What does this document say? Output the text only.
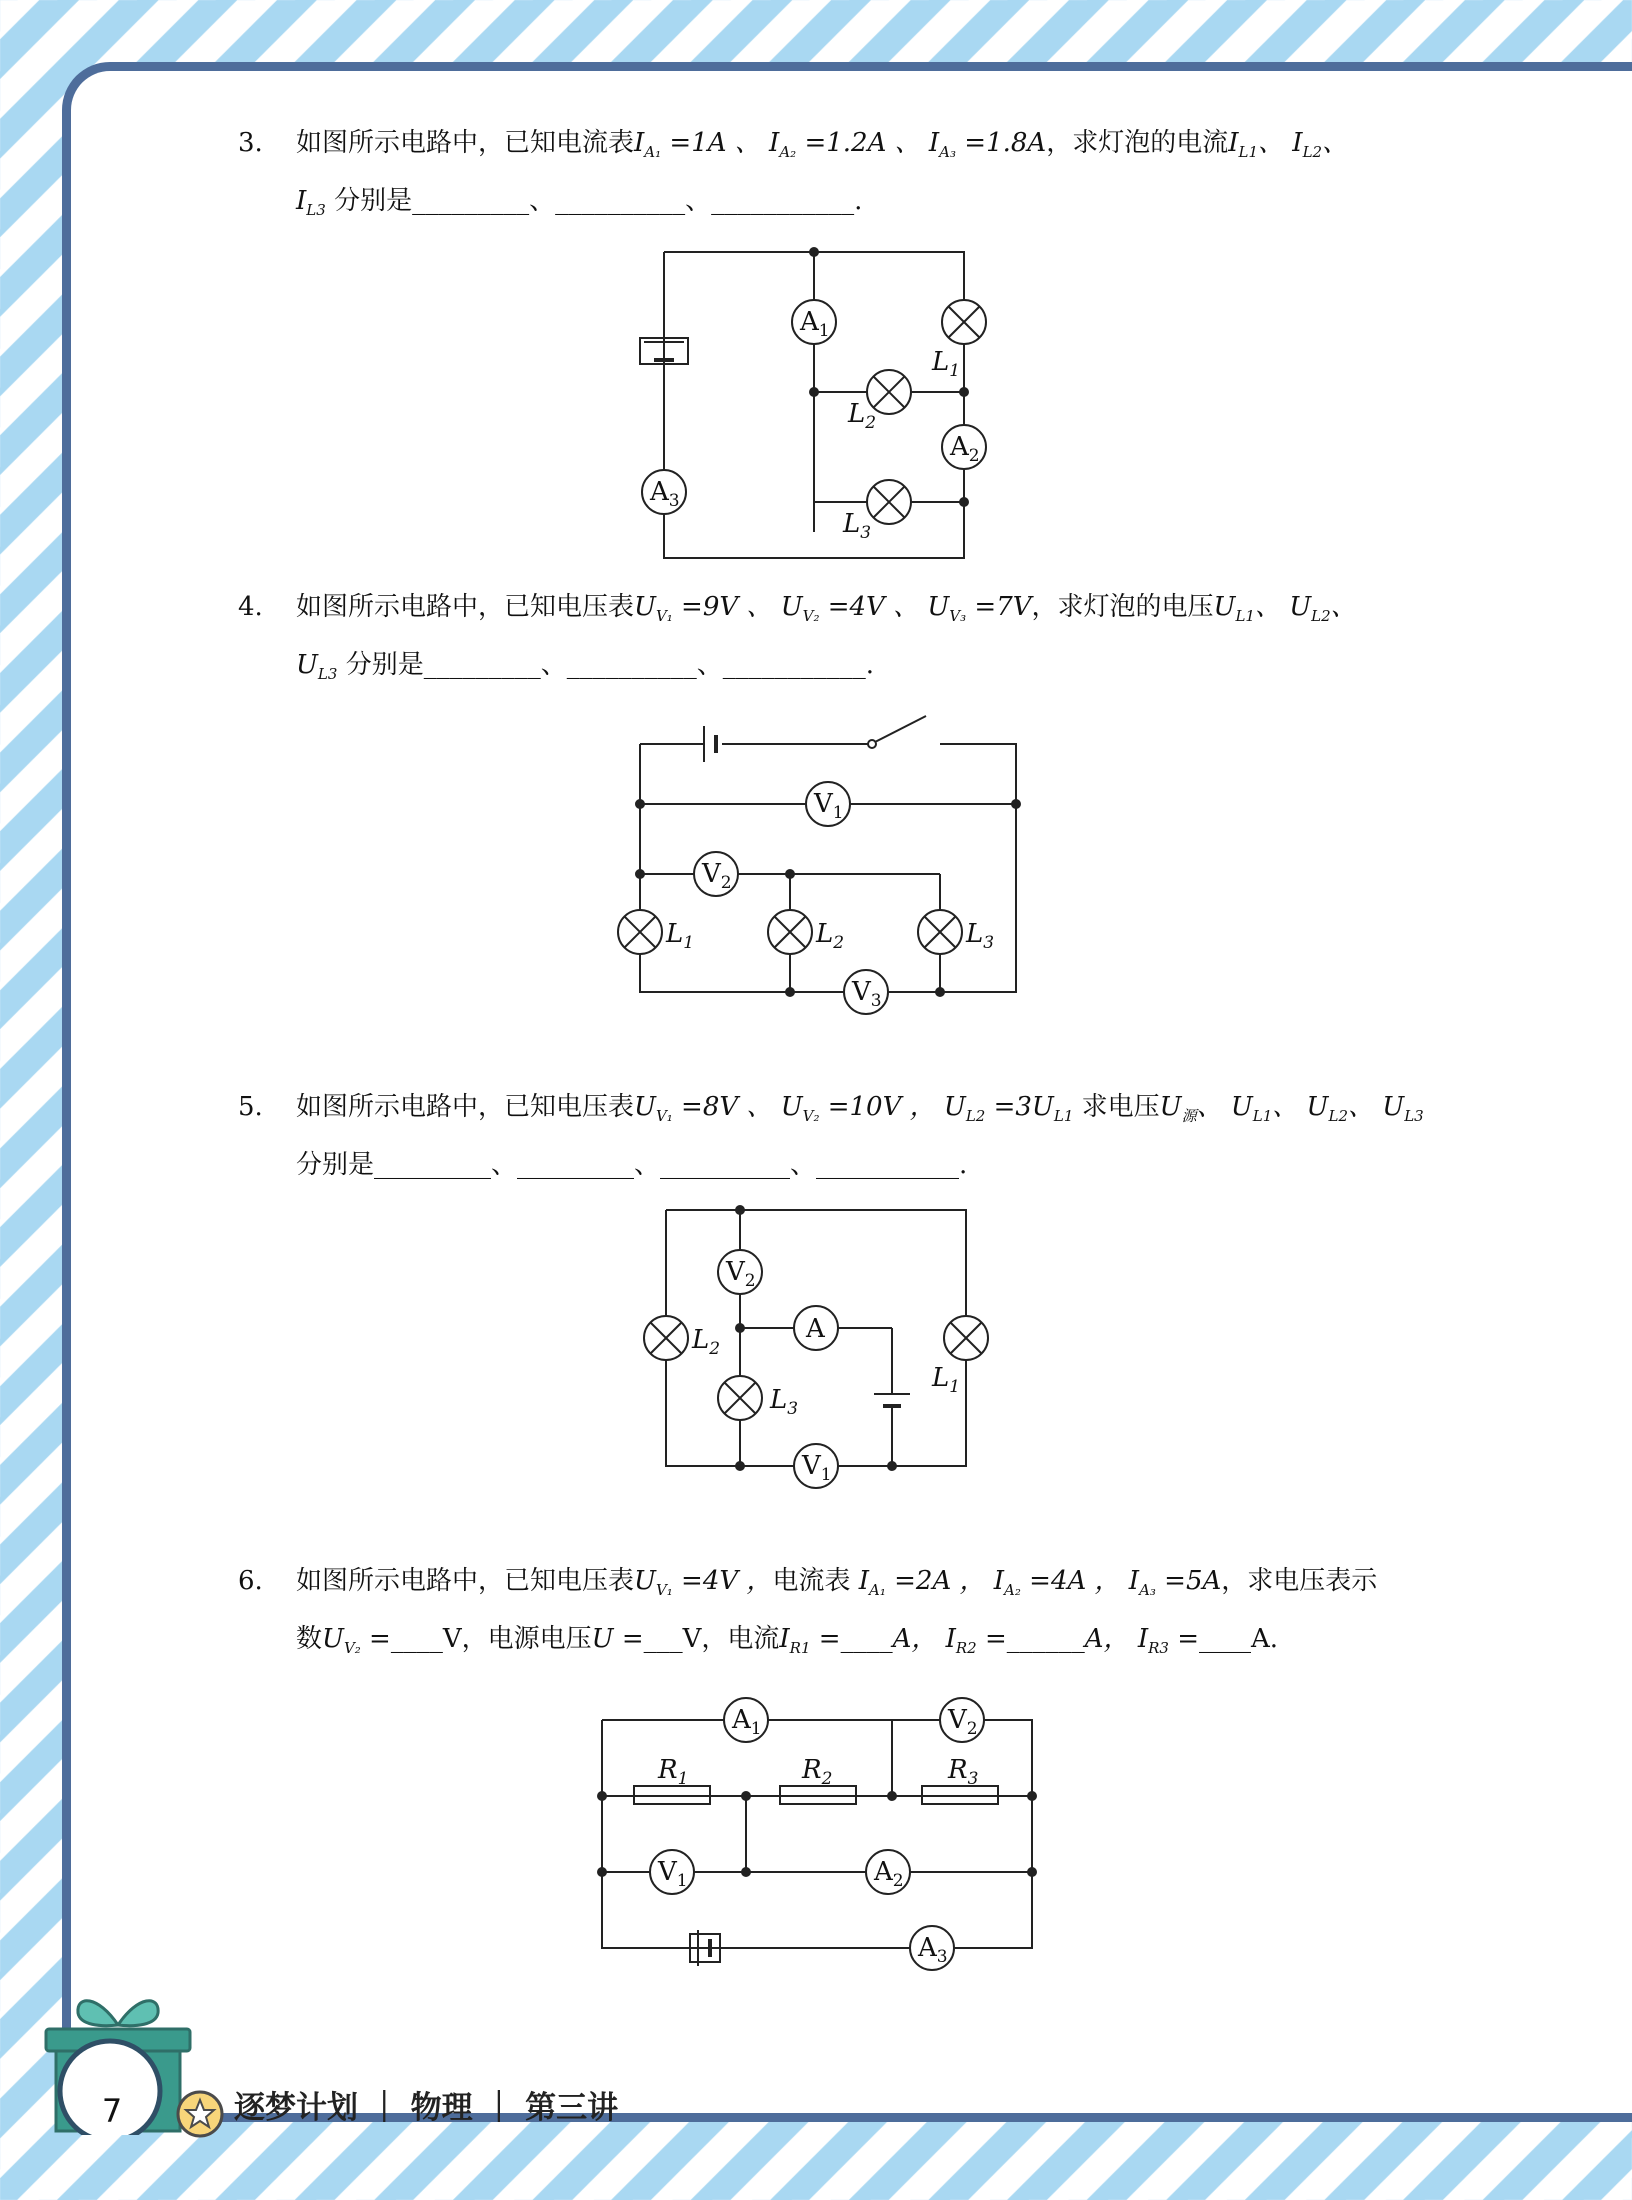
3. 如图所示电路中，已知电流表$I_{A_1} =1A$ 、 $I_{A_2} =1.2A$ 、 $I_{A_3} =1.8A$，求灯泡的电流$I_{L1}$、 $I_{L2}$、
$I_{L3}$ 分别是_________、__________、___________.
4. 如图所示电路中，已知电压表$U_{V_1} =9V$ 、 $U_{V_2} =4V$ 、 $U_{V_3} =7V$，求灯泡的电压$U_{L1}$、 $U_{L2}$、
$U_{L3}$ 分别是_________、__________、___________.
5. 如图所示电路中，已知电压表$U_{V_1} =8V$ 、 $U_{V_2} =10V$ ， $U_{L2} =3U_{L1}$ 求电压$U_源$、 $U_{L1}$、 $U_{L2}$、 $U_{L3}$
分别是_________、_________、__________、___________.
6. 如图所示电路中，已知电压表$U_{V_1} =4V$ ，电流表 $I_{A_1} =2A$ ， $I_{A_2} =4A$ ， $I_{A_3} =5A$，求电压表示
数$U_{V_2}$ =____V，电源电压U =___V，电流$I_{R1}$ =____A， $I_{R2}$ =______A， $I_{R3}$ =____A.
$A_1$
$A_2$
$A_3$
$L_1$
$L_2$
$L_3$
$V_1$
$V_2$
$V_3$
$L_1$	$L_2$	$L_3$
$V_2$
A
$V_1$
$L_2$
$L_3$
$L_1$
$A_1$	$V_2$
$V_1$	$A_2$
$A_3$
$R_1$	$R_2$	$R_3$
7	逐梦计划 ｜ 物理 ｜ 第三讲
